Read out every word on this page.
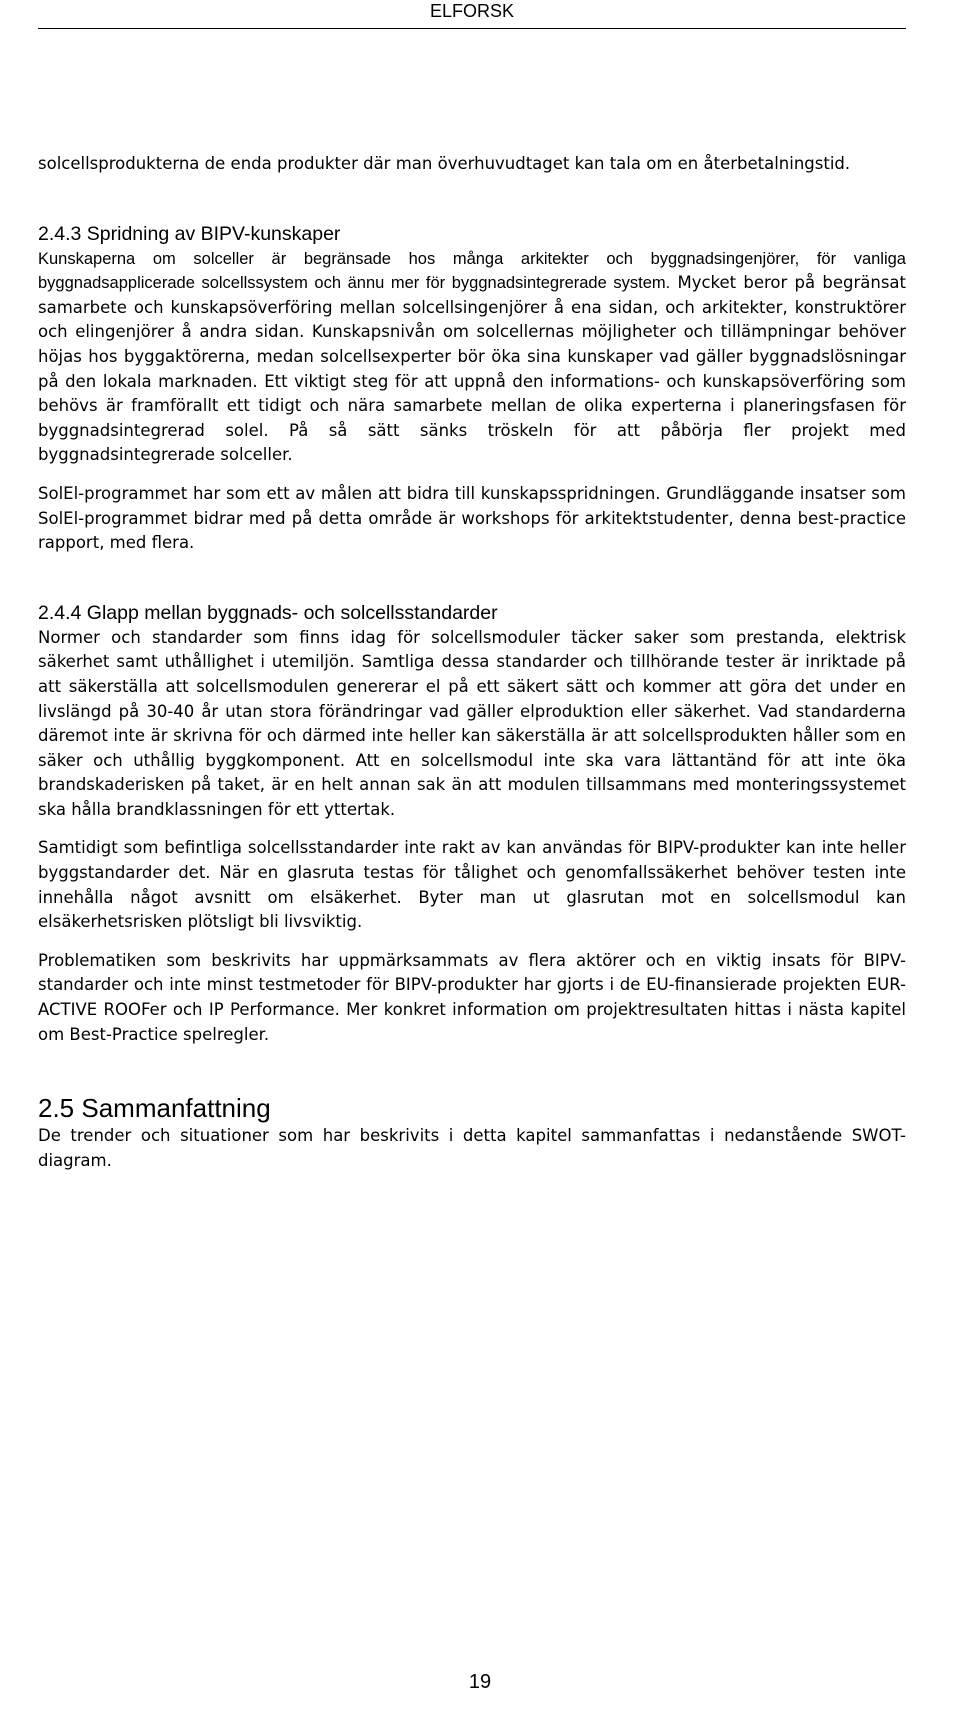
ELFORSK

solcellsprodukterna de enda produkter där man överhuvudtaget kan tala om en återbetalningstid.

2.4.3 Spridning av BIPV-kunskaper

Kunskaperna om solceller är begränsade hos många arkitekter och byggnadsingenjörer, för vanliga byggnadsapplicerade solcellssystem och ännu mer för byggnadsintegrerade system. Mycket beror på begränsat samarbete och kunskapsöverföring mellan solcellsingenjörer å ena sidan, och arkitekter, konstruktörer och elingenjörer å andra sidan. Kunskapsnivån om solcellernas möjligheter och tillämpningar behöver höjas hos byggaktörerna, medan solcellsexperter bör öka sina kunskaper vad gäller byggnadslösningar på den lokala marknaden. Ett viktigt steg för att uppnå den informations- och kunskapsöverföring som behövs är framförallt ett tidigt och nära samarbete mellan de olika experterna i planeringsfasen för byggnadsintegrerad solel. På så sätt sänks tröskeln för att påbörja fler projekt med byggnadsintegrerade solceller.

SolEl-programmet har som ett av målen att bidra till kunskapsspridningen. Grundläggande insatser som SolEl-programmet bidrar med på detta område är workshops för arkitektstudenter, denna best-practice rapport, med flera.

2.4.4 Glapp mellan byggnads- och solcellsstandarder

Normer och standarder som finns idag för solcellsmoduler täcker saker som prestanda, elektrisk säkerhet samt uthållighet i utemiljön. Samtliga dessa standarder och tillhörande tester är inriktade på att säkerställa att solcellsmodulen genererar el på ett säkert sätt och kommer att göra det under en livslängd på 30-40 år utan stora förändringar vad gäller elproduktion eller säkerhet. Vad standarderna däremot inte är skrivna för och därmed inte heller kan säkerställa är att solcellsprodukten håller som en säker och uthållig byggkomponent. Att en solcellsmodul inte ska vara lättantänd för att inte öka brandskaderisken på taket, är en helt annan sak än att modulen tillsammans med monteringssystemet ska hålla brandklassningen för ett yttertak.

Samtidigt som befintliga solcellsstandarder inte rakt av kan användas för BIPV-produkter kan inte heller byggstandarder det. När en glasruta testas för tålighet och genomfallssäkerhet behöver testen inte innehålla något avsnitt om elsäkerhet. Byter man ut glasrutan mot en solcellsmodul kan elsäkerhetsrisken plötsligt bli livsviktig.

Problematiken som beskrivits har uppmärksammats av flera aktörer och en viktig insats för BIPV-standarder och inte minst testmetoder för BIPV-produkter har gjorts i de EU-finansierade projekten EUR-ACTIVE ROOFer och IP Performance. Mer konkret information om projektresultaten hittas i nästa kapitel om Best-Practice spelregler.

2.5 Sammanfattning

De trender och situationer som har beskrivits i detta kapitel sammanfattas i nedanstående SWOT-diagram.

19
